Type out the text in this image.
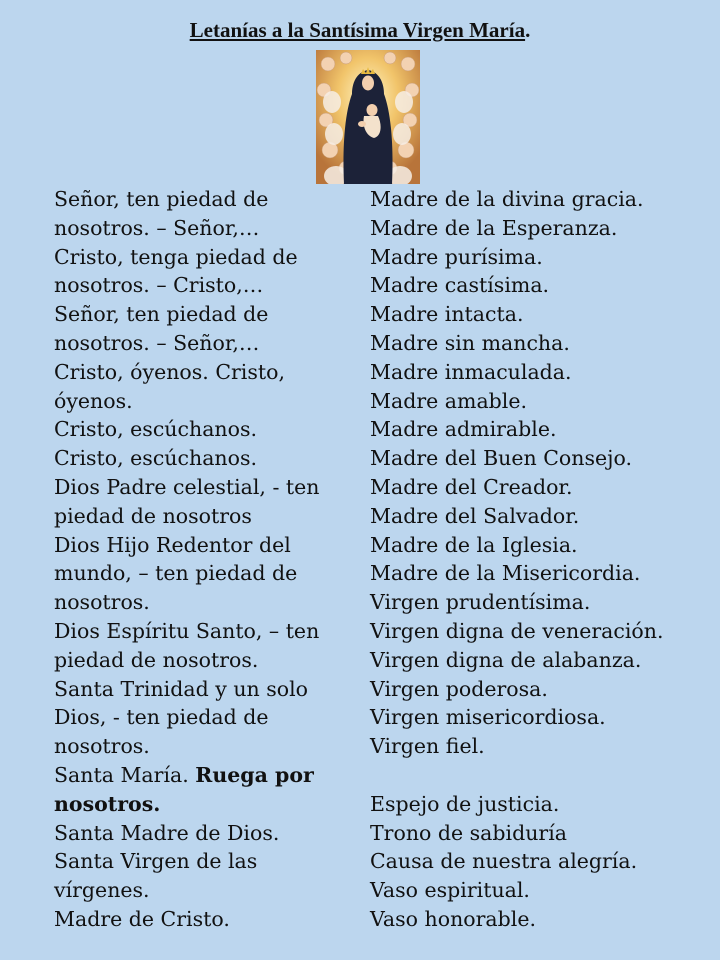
Letanías a la Santísima Virgen María.
Señor, ten piedad de
nosotros. – Señor,…
Cristo, tenga piedad de
nosotros. – Cristo,…
Señor, ten piedad de
nosotros. – Señor,…
Cristo, óyenos. Cristo,
óyenos.
Cristo, escúchanos.
Cristo, escúchanos.
Dios Padre celestial, - ten
piedad de nosotros
Dios Hijo Redentor del
mundo, – ten piedad de
nosotros.
Dios Espíritu Santo, – ten
piedad de nosotros.
Santa Trinidad y un solo
Dios, - ten piedad de
nosotros.
Santa María. Ruega por
nosotros.
Santa Madre de Dios.
Santa Virgen de las
vírgenes.
Madre de Cristo.
Madre de la divina gracia.
Madre de la Esperanza.
Madre purísima.
Madre castísima.
Madre intacta.
Madre sin mancha.
Madre inmaculada.
Madre amable.
Madre admirable.
Madre del Buen Consejo.
Madre del Creador.
Madre del Salvador.
Madre de la Iglesia.
Madre de la Misericordia.
Virgen prudentísima.
Virgen digna de veneración.
Virgen digna de alabanza.
Virgen poderosa.
Virgen misericordiosa.
Virgen fiel.
Espejo de justicia.
Trono de sabiduría
Causa de nuestra alegría.
Vaso espiritual.
Vaso honorable.
